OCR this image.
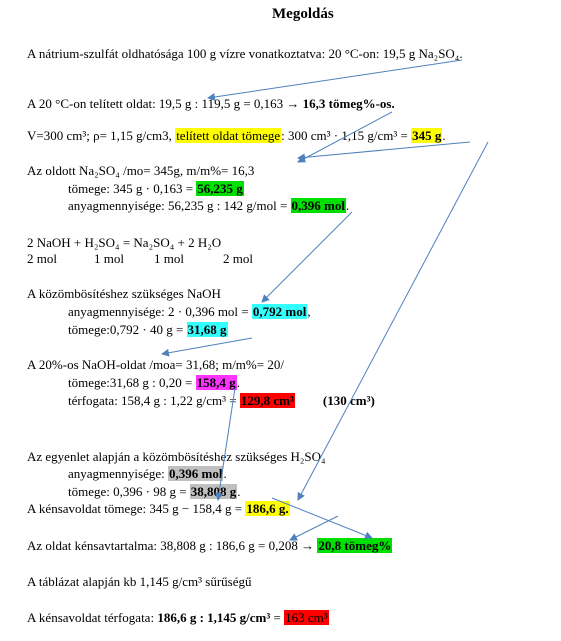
Megoldás
A nátrium-szulfát oldhatósága 100 g vízre vonatkoztatva: 20 °C-on: 19,5 g Na₂SO₄.
A 20 °C-on telített oldat: 19,5 g : 119,5 g = 0,163 → 16,3 tömeg%-os.
V=300 cm³; ρ= 1,15 g/cm3, telített oldat tömege: 300 cm³ · 1,15 g/cm³ = 345 g.
Az oldott Na₂SO₄ /mo= 345g, m/m%= 16,3
tömege: 345 g · 0,163 = 56,235 g
anyagmennyisége: 56,235 g : 142 g/mol = 0,396 mol.
2 NaOH + H₂SO₄ = Na₂SO₄ + 2 H₂O
2 mol	1 mol 1 mol	2 mol
A közömbösítéshez szükséges NaOH
anyagmennyisége: 2 · 0,396 mol = 0,792 mol,
tömege:0,792 · 40 g = 31,68 g
A 20%-os NaOH-oldat /moa= 31,68; m/m%= 20/
tömege:31,68 g : 0,20 = 158,4 g.
térfogata: 158,4 g : 1,22 g/cm³ = 129,8 cm³ (130 cm³)
Az egyenlet alapján a közömbösítéshez szükséges H₂SO₄
anyagmennyisége: 0,396 mol.
tömege: 0,396 · 98 g = 38,808 g.
A kénsavoldat tömege: 345 g − 158,4 g = 186,6 g.
Az oldat kénsavtartalma: 38,808 g : 186,6 g = 0,208 → 20,8 tömeg%
A táblázat alapján kb 1,145 g/cm³ sűrűségű
A kénsavoldat térfogata: 186,6 g : 1,145 g/cm³ = 163 cm³
